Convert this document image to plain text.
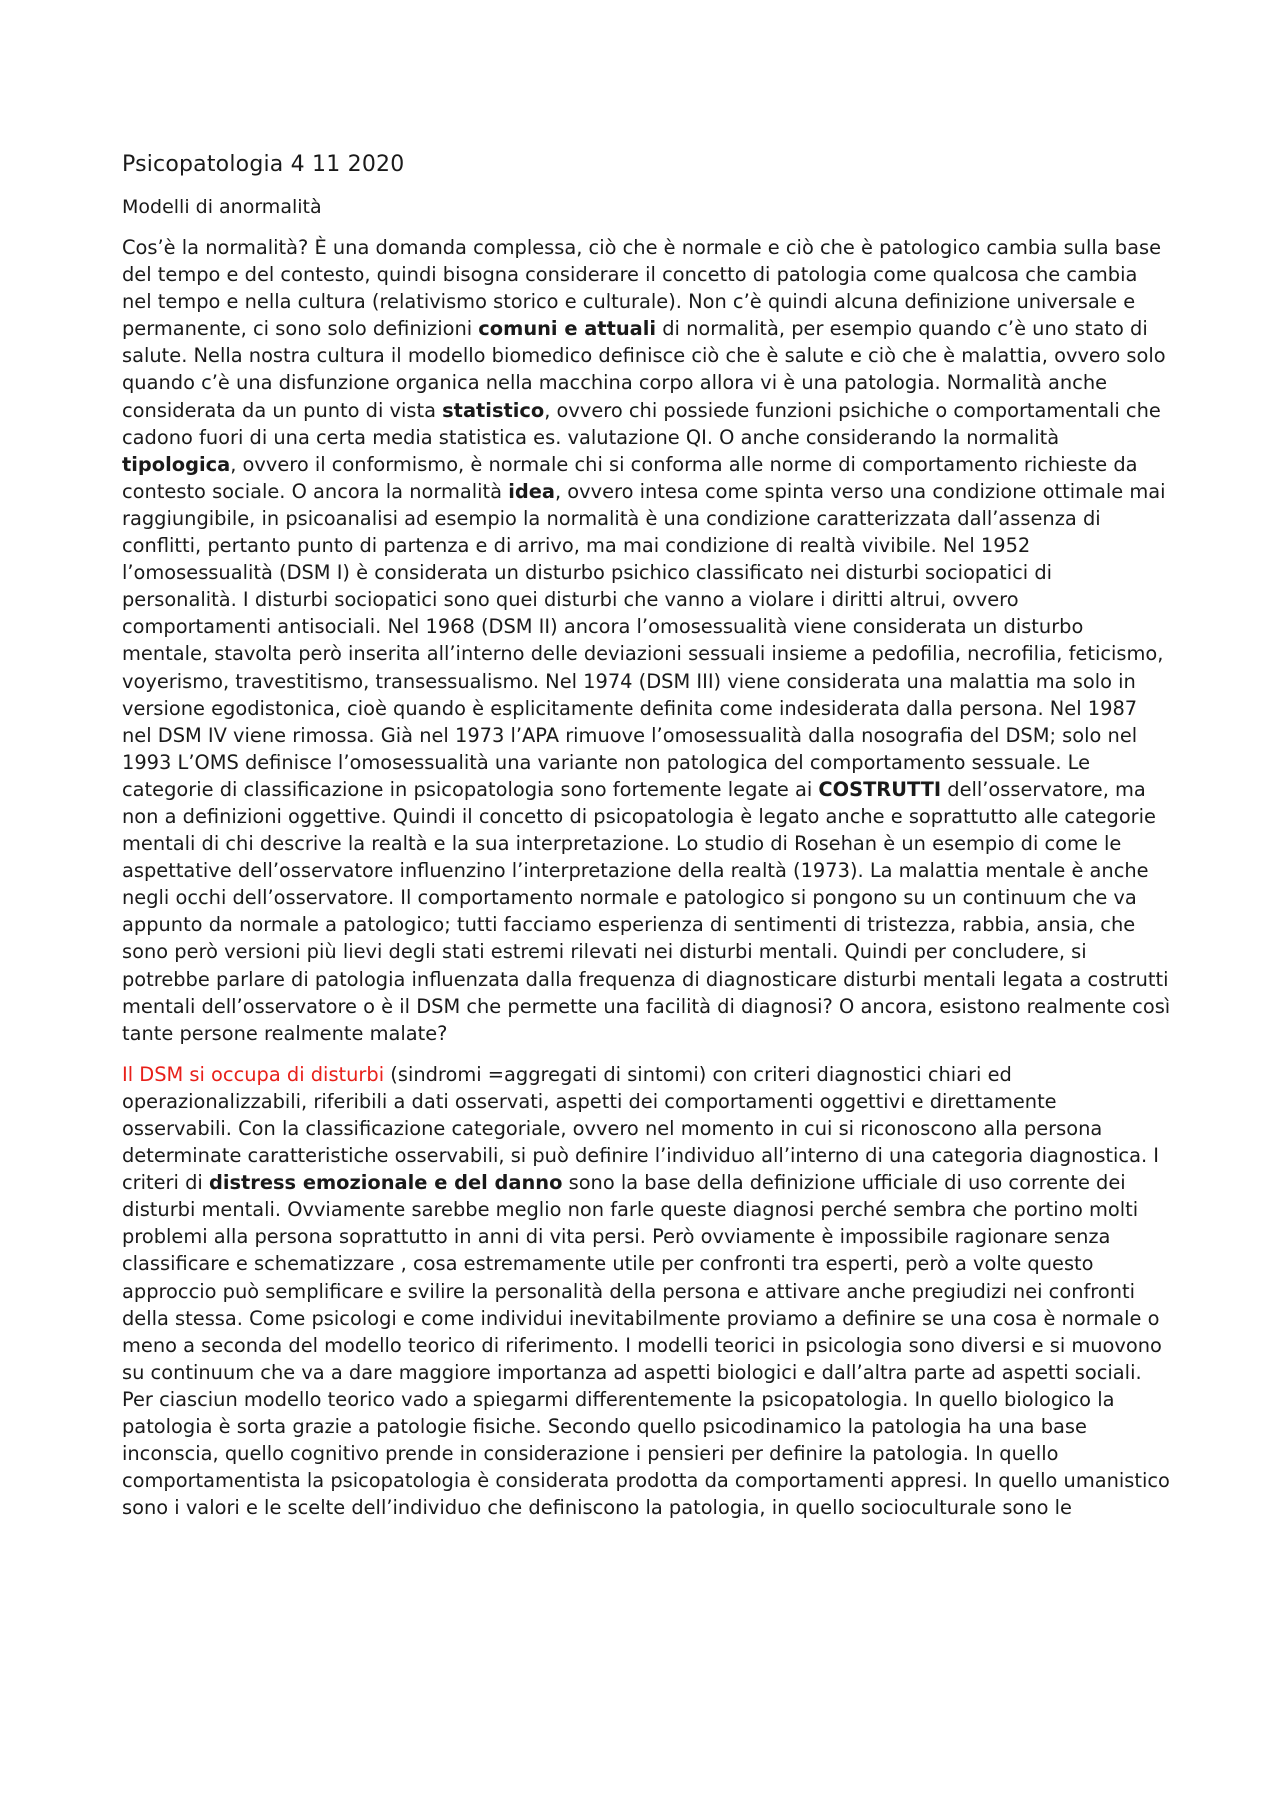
Psicopatologia 4 11 2020
Modelli di anormalità

Cos’è la normalità? È una domanda complessa, ciò che è normale e ciò che è patologico cambia sulla base del tempo e del contesto, quindi bisogna considerare il concetto di patologia come qualcosa che cambia nel tempo e nella cultura (relativismo storico e culturale). Non c’è quindi alcuna definizione universale e permanente, ci sono solo definizioni comuni e attuali di normalità, per esempio quando c’è uno stato di salute. Nella nostra cultura il modello biomedico definisce ciò che è salute e ciò che è malattia, ovvero solo quando c’è una disfunzione organica nella macchina corpo allora vi è una patologia. Normalità anche considerata da un punto di vista statistico, ovvero chi possiede funzioni psichiche o comportamentali che cadono fuori di una certa media statistica es. valutazione QI. O anche considerando la normalità tipologica, ovvero il conformismo, è normale chi si conforma alle norme di comportamento richieste da contesto sociale. O ancora la normalità idea, ovvero intesa come spinta verso una condizione ottimale mai raggiungibile, in psicoanalisi ad esempio la normalità è una condizione caratterizzata dall’assenza di conflitti, pertanto punto di partenza e di arrivo, ma mai condizione di realtà vivibile. Nel 1952 l’omosessualità (DSM I) è considerata un disturbo psichico classificato nei disturbi sociopatici di personalità. I disturbi sociopatici sono quei disturbi che vanno a violare i diritti altrui, ovvero comportamenti antisociali. Nel 1968 (DSM II) ancora l’omosessualità viene considerata un disturbo mentale, stavolta però inserita all’interno delle deviazioni sessuali insieme a pedofilia, necrofilia, feticismo, voyerismo, travestitismo, transessualismo. Nel 1974 (DSM III) viene considerata una malattia ma solo in versione egodistonica, cioè quando è esplicitamente definita come indesiderata dalla persona. Nel 1987 nel DSM IV viene rimossa. Già nel 1973 l’APA rimuove l’omosessualità dalla nosografia del DSM; solo nel 1993 L’OMS definisce l’omosessualità una variante non patologica del comportamento sessuale. Le categorie di classificazione in psicopatologia sono fortemente legate ai COSTRUTTI dell’osservatore, ma non a definizioni oggettive. Quindi il concetto di psicopatologia è legato anche e soprattutto alle categorie mentali di chi descrive la realtà e la sua interpretazione. Lo studio di Rosehan è un esempio di come le aspettative dell’osservatore influenzino l’interpretazione della realtà (1973). La malattia mentale è anche negli occhi dell’osservatore. Il comportamento normale e patologico si pongono su un continuum che va appunto da normale a patologico; tutti facciamo esperienza di sentimenti di tristezza, rabbia, ansia, che sono però versioni più lievi degli stati estremi rilevati nei disturbi mentali. Quindi per concludere, si potrebbe parlare di patologia influenzata dalla frequenza di diagnosticare disturbi mentali legata a costrutti mentali dell’osservatore o è il DSM che permette una facilità di diagnosi? O ancora, esistono realmente così tante persone realmente malate?

Il DSM si occupa di disturbi (sindromi =aggregati di sintomi) con criteri diagnostici chiari ed operazionalizzabili, riferibili a dati osservati, aspetti dei comportamenti oggettivi e direttamente osservabili. Con la classificazione categoriale, ovvero nel momento in cui si riconoscono alla persona determinate caratteristiche osservabili, si può definire l’individuo all’interno di una categoria diagnostica. I criteri di distress emozionale e del danno sono la base della definizione ufficiale di uso corrente dei disturbi mentali. Ovviamente sarebbe meglio non farle queste diagnosi perché sembra che portino molti problemi alla persona soprattutto in anni di vita persi. Però ovviamente è impossibile ragionare senza classificare e schematizzare , cosa estremamente utile per confronti tra esperti, però a volte questo approccio può semplificare e svilire la personalità della persona e attivare anche pregiudizi nei confronti della stessa. Come psicologi e come individui inevitabilmente proviamo a definire se una cosa è normale o meno a seconda del modello teorico di riferimento. I modelli teorici in psicologia sono diversi e si muovono su continuum che va a dare maggiore importanza ad aspetti biologici e dall’altra parte ad aspetti sociali. Per ciasciun modello teorico vado a spiegarmi differentemente la psicopatologia. In quello biologico la patologia è sorta grazie a patologie fisiche. Secondo quello psicodinamico la patologia ha una base inconscia, quello cognitivo prende in considerazione i pensieri per definire la patologia. In quello comportamentista la psicopatologia è considerata prodotta da comportamenti appresi. In quello umanistico sono i valori e le scelte dell’individuo che definiscono la patologia, in quello socioculturale sono le
